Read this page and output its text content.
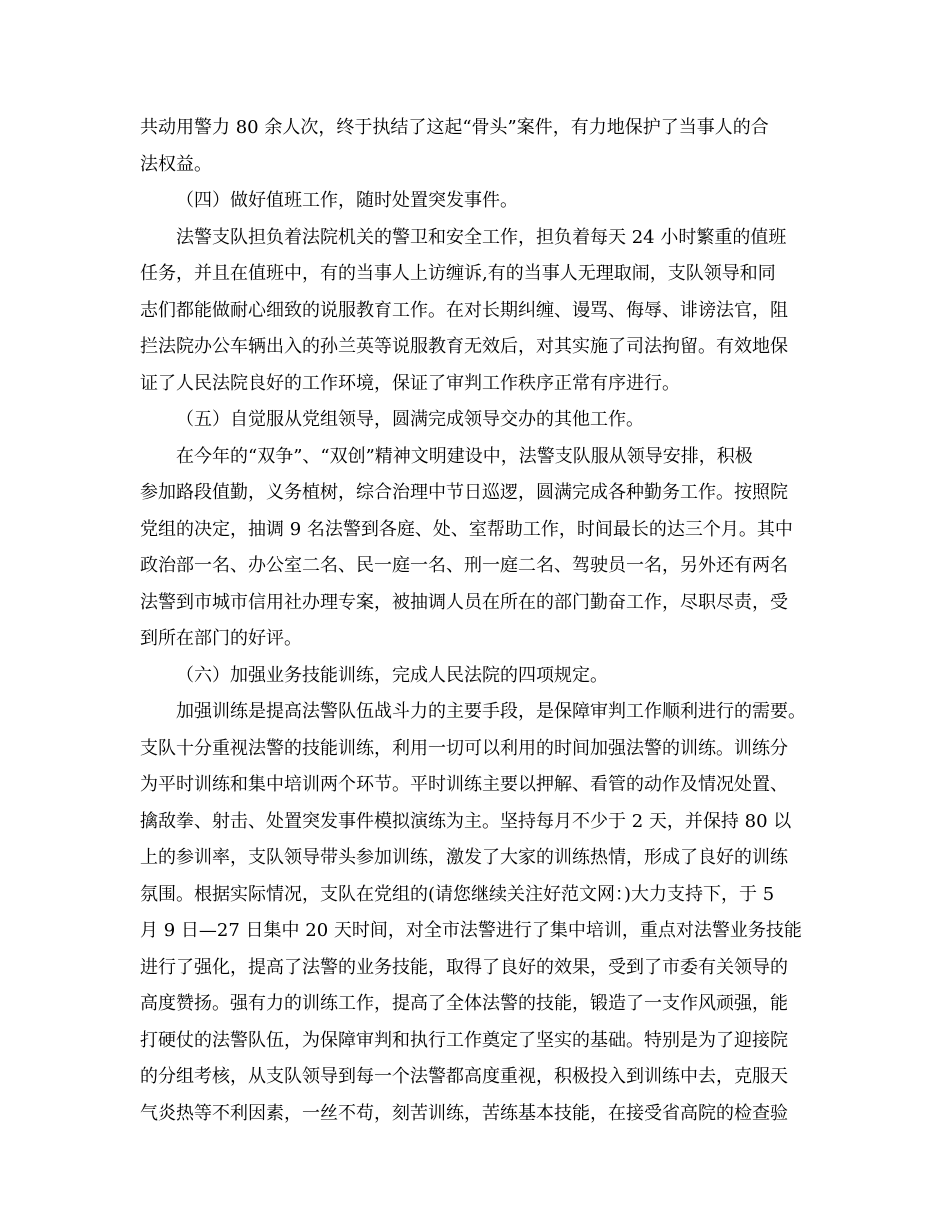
共动用警力 80 余人次，终于执结了这起“骨头”案件，有力地保护了当事人的合
法权益。
（四）做好值班工作，随时处置突发事件。
法警支队担负着法院机关的警卫和安全工作，担负着每天 24 小时繁重的值班
任务，并且在值班中，有的当事人上访缠诉,有的当事人无理取闹，支队领导和同
志们都能做耐心细致的说服教育工作。在对长期纠缠、谩骂、侮辱、诽谤法官，阻
拦法院办公车辆出入的孙兰英等说服教育无效后，对其实施了司法拘留。有效地保
证了人民法院良好的工作环境，保证了审判工作秩序正常有序进行。
（五）自觉服从党组领导，圆满完成领导交办的其他工作。
在今年的“双争”、“双创”精神文明建设中，法警支队服从领导安排，积极
参加路段值勤，义务植树，综合治理中节日巡逻，圆满完成各种勤务工作。按照院
党组的决定，抽调 9 名法警到各庭、处、室帮助工作，时间最长的达三个月。其中
政治部一名、办公室二名、民一庭一名、刑一庭二名、驾驶员一名，另外还有两名
法警到市城市信用社办理专案，被抽调人员在所在的部门勤奋工作，尽职尽责，受
到所在部门的好评。
（六）加强业务技能训练，完成人民法院的四项规定。
加强训练是提高法警队伍战斗力的主要手段，是保障审判工作顺利进行的需要。
支队十分重视法警的技能训练，利用一切可以利用的时间加强法警的训练。训练分
为平时训练和集中培训两个环节。平时训练主要以押解、看管的动作及情况处置、
擒敌拳、射击、处置突发事件模拟演练为主。坚持每月不少于 2 天，并保持 80 以
上的参训率，支队领导带头参加训练，激发了大家的训练热情，形成了良好的训练
氛围。根据实际情况，支队在党组的(请您继续关注好范文网：)大力支持下，于 5
月 9 日—27 日集中 20 天时间，对全市法警进行了集中培训，重点对法警业务技能
进行了强化，提高了法警的业务技能，取得了良好的效果，受到了市委有关领导的
高度赞扬。强有力的训练工作，提高了全体法警的技能，锻造了一支作风顽强，能
打硬仗的法警队伍，为保障审判和执行工作奠定了坚实的基础。特别是为了迎接院
的分组考核，从支队领导到每一个法警都高度重视，积极投入到训练中去，克服天
气炎热等不利因素，一丝不苟，刻苦训练，苦练基本技能，在接受省高院的检查验
